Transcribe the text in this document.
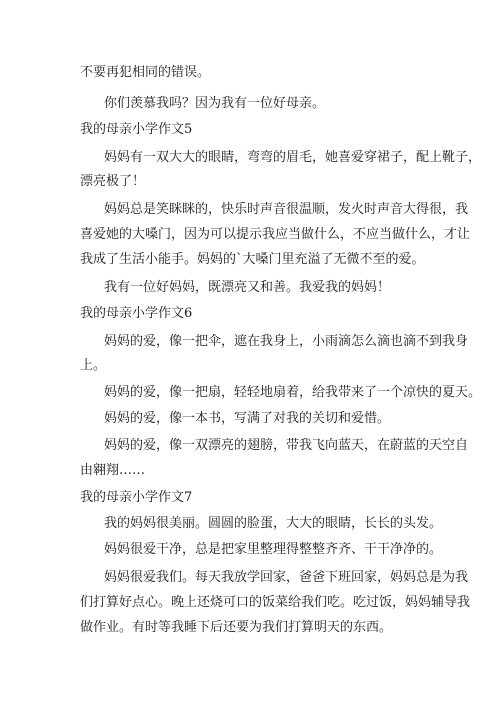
不要再犯相同的错误。
你们羡慕我吗？因为我有一位好母亲。
我的母亲小学作文5
妈妈有一双大大的眼睛，弯弯的眉毛，她喜爱穿裙子，配上靴子，
漂亮极了！
妈妈总是笑眯眯的，快乐时声音很温顺，发火时声音大得很，我
喜爱她的大嗓门，因为可以提示我应当做什么，不应当做什么，才让
我成了生活小能手。妈妈的`大嗓门里充溢了无微不至的爱。
我有一位好妈妈，既漂亮又和善。我爱我的妈妈！
我的母亲小学作文6
妈妈的爱，像一把伞，遮在我身上，小雨滴怎么滴也滴不到我身
上。
妈妈的爱，像一把扇，轻轻地扇着，给我带来了一个凉快的夏天。
妈妈的爱，像一本书，写满了对我的关切和爱惜。
妈妈的爱，像一双漂亮的翅膀，带我飞向蓝天，在蔚蓝的天空自
由翱翔……
我的母亲小学作文7
我的妈妈很美丽。圆圆的脸蛋，大大的眼睛，长长的头发。
妈妈很爱干净，总是把家里整理得整整齐齐、干干净净的。
妈妈很爱我们。每天我放学回家，爸爸下班回家，妈妈总是为我
们打算好点心。晚上还烧可口的饭菜给我们吃。吃过饭，妈妈辅导我
做作业。有时等我睡下后还要为我们打算明天的东西。
